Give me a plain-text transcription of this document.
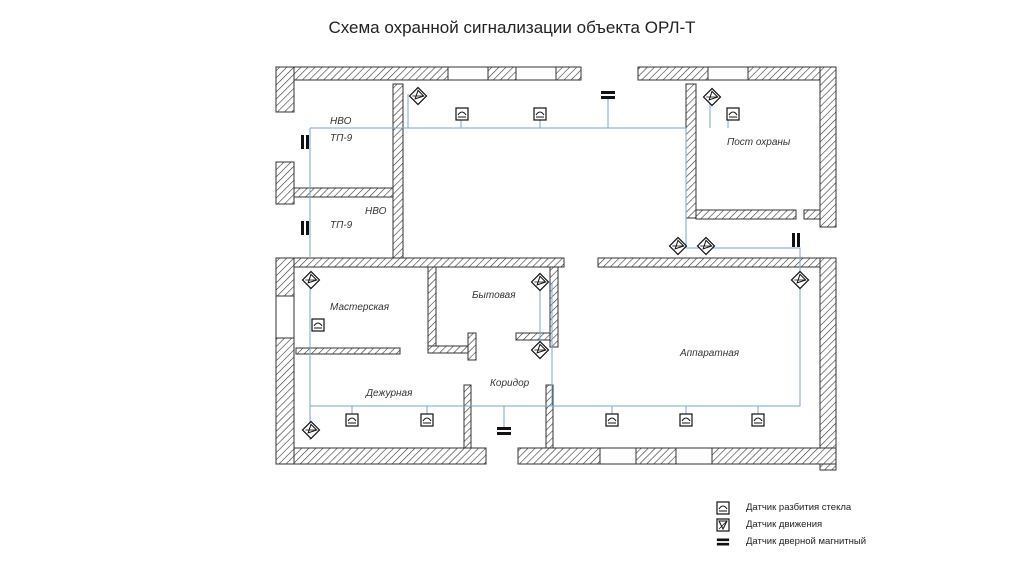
Схема охранной сигнализации объекта ОРЛ-Т
НВО
ТП-9
НВО
ТП-9
Пост охраны
Мастерская
Бытовая
Аппаратная
Дежурная
Коридор
Датчик разбития стекла
Датчик движения
Датчик дверной магнитный
